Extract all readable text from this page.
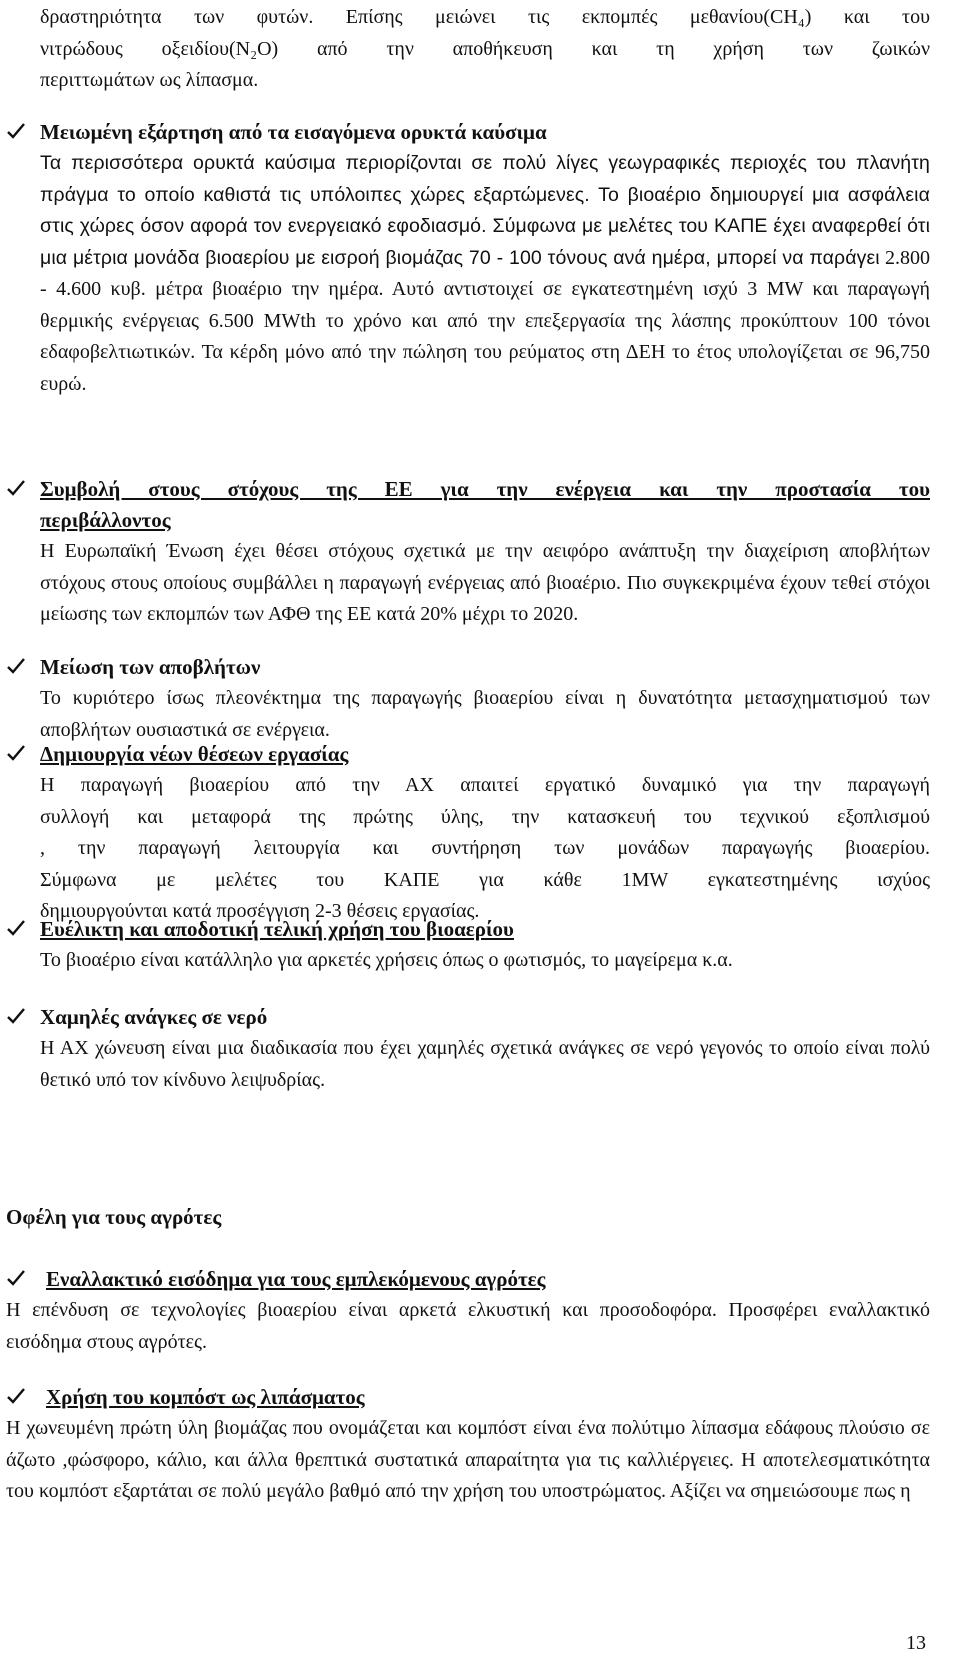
δραστηριότητα των φυτών. Επίσης μειώνει τις εκπομπές μεθανίου(CH₄) και του
νιτρώδους οξειδίου(N₂O) από την αποθήκευση και τη χρήση των ζωικών
περιττωμάτων ως λίπασμα.
Μειωμένη εξάρτηση από τα εισαγόμενα ορυκτά καύσιμα
Τα περισσότερα ορυκτά καύσιμα περιορίζονται σε πολύ λίγες γεωγραφικές περιοχές του πλανήτη πράγμα το οποίο καθιστά τις υπόλοιπες χώρες εξαρτώμενες. Το βιοαέριο δημιουργεί μια ασφάλεια στις χώρες όσον αφορά τον ενεργειακό εφοδιασμό. Σύμφωνα με μελέτες του ΚΑΠΕ έχει αναφερθεί ότι μια μέτρια μονάδα βιοαερίου με εισροή βιομάζας 70 - 100 τόνους ανά ημέρα, μπορεί να παράγει 2.800 - 4.600 κυβ. μέτρα βιοαέριο την ημέρα. Αυτό αντιστοιχεί σε εγκατεστημένη ισχύ 3 MW και παραγωγή θερμικής ενέργειας 6.500 MWth το χρόνο και από την επεξεργασία της λάσπης προκύπτουν 100 τόνοι εδαφοβελτιωτικών. Τα κέρδη μόνο από την πώληση του ρεύματος στη ΔΕΗ το έτος υπολογίζεται σε 96,750 ευρώ.
Συμβολή στους στόχους της ΕΕ για την ενέργεια και την προστασία του
περιβάλλοντος
Η Ευρωπαϊκή Ένωση έχει θέσει στόχους σχετικά με την αειφόρο ανάπτυξη την διαχείριση αποβλήτων στόχους στους οποίους συμβάλλει η παραγωγή ενέργειας από βιοαέριο. Πιο συγκεκριμένα έχουν τεθεί στόχοι μείωσης των εκπομπών των ΑΦΘ της ΕΕ κατά 20% μέχρι το 2020.
Μείωση των αποβλήτων
Το κυριότερο ίσως πλεονέκτημα της παραγωγής βιοαερίου είναι η δυνατότητα μετασχηματισμού των αποβλήτων ουσιαστικά σε ενέργεια.
Δημιουργία νέων θέσεων εργασίας
Η παραγωγή βιοαερίου από την ΑΧ απαιτεί εργατικό δυναμικό για την παραγωγή
συλλογή και μεταφορά της πρώτης ύλης, την κατασκευή του τεχνικού εξοπλισμού
, την παραγωγή λειτουργία και συντήρηση των μονάδων παραγωγής βιοαερίου.
Σύμφωνα με μελέτες του ΚΑΠΕ για κάθε 1MW εγκατεστημένης ισχύος
δημιουργούνται κατά προσέγγιση 2-3 θέσεις εργασίας.
Ευέλικτη και αποδοτική τελική χρήση του βιοαερίου
Το βιοαέριο είναι κατάλληλο για αρκετές χρήσεις όπως ο φωτισμός, το μαγείρεμα κ.α.
Χαμηλές ανάγκες σε νερό
Η ΑΧ χώνευση είναι μια διαδικασία που έχει χαμηλές σχετικά ανάγκες σε νερό γεγονός το οποίο είναι πολύ θετικό υπό τον κίνδυνο λειψυδρίας.
Οφέλη για τους αγρότες
Εναλλακτικό εισόδημα για τους εμπλεκόμενους αγρότες
Η επένδυση σε τεχνολογίες βιοαερίου είναι αρκετά ελκυστική και προσοδοφόρα. Προσφέρει εναλλακτικό εισόδημα στους αγρότες.
Χρήση του κομπόστ ως λιπάσματος
Η χωνευμένη πρώτη ύλη βιομάζας που ονομάζεται και κομπόστ είναι ένα πολύτιμο λίπασμα εδάφους πλούσιο σε άζωτο ,φώσφορο, κάλιο, και άλλα θρεπτικά συστατικά απαραίτητα για τις καλλιέργειες. Η αποτελεσματικότητα του κομπόστ εξαρτάται σε πολύ μεγάλο βαθμό από την χρήση του υποστρώματος. Αξίζει να σημειώσουμε πως η
13
